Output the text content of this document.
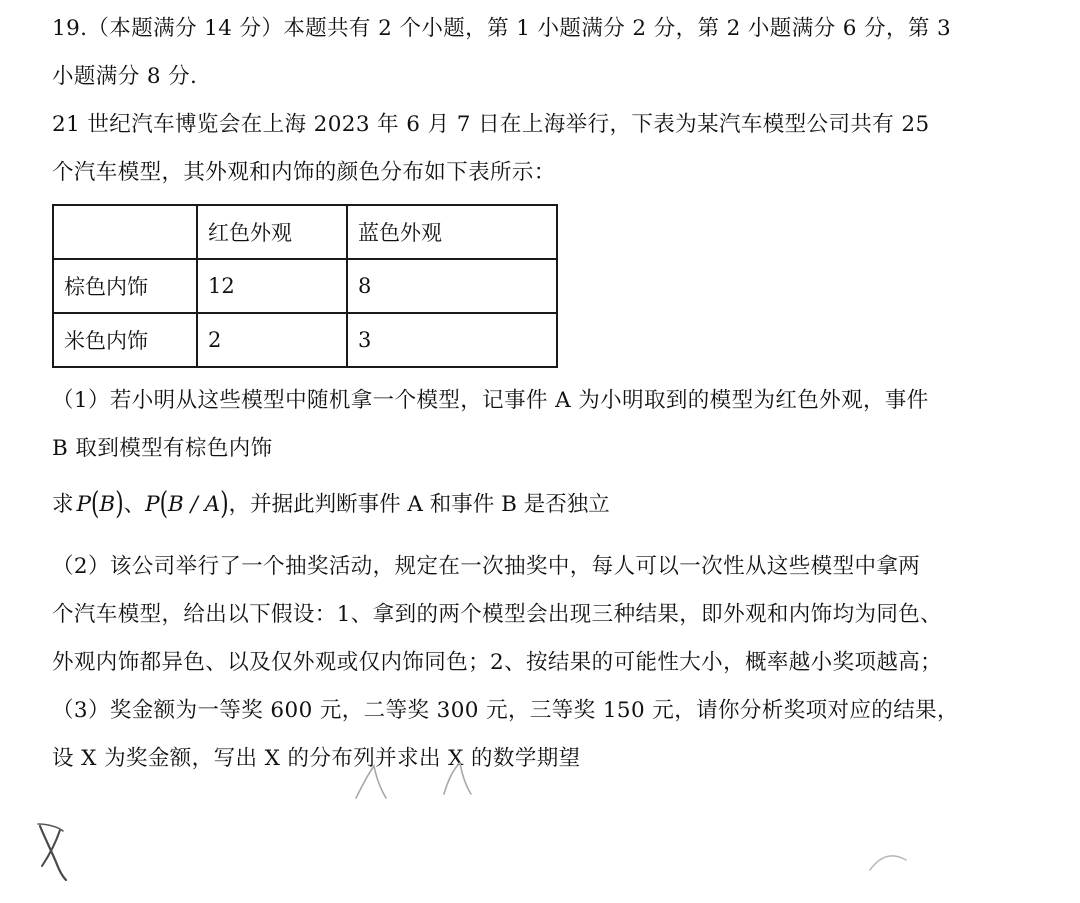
19.（本题满分 14 分）本题共有 2 个小题，第 1 小题满分 2 分，第 2 小题满分 6 分，第 3
小题满分 8 分.
21 世纪汽车博览会在上海 2023 年 6 月 7 日在上海举行，下表为某汽车模型公司共有 25
个汽车模型，其外观和内饰的颜色分布如下表所示：
	红色外观	蓝色外观
棕色内饰	12	8
米色内饰	2	3
（1）若小明从这些模型中随机拿一个模型，记事件 A 为小明取到的模型为红色外观，事件
B 取到模型有棕色内饰
求 P(B)、P(B / A)，并据此判断事件 A 和事件 B 是否独立
（2）该公司举行了一个抽奖活动，规定在一次抽奖中，每人可以一次性从这些模型中拿两
个汽车模型，给出以下假设：1、拿到的两个模型会出现三种结果，即外观和内饰均为同色、
外观内饰都异色、以及仅外观或仅内饰同色；2、按结果的可能性大小，概率越小奖项越高；
（3）奖金额为一等奖 600 元，二等奖 300 元，三等奖 150 元，请你分析奖项对应的结果，
设 X 为奖金额，写出 X 的分布列并求出 X 的数学期望
